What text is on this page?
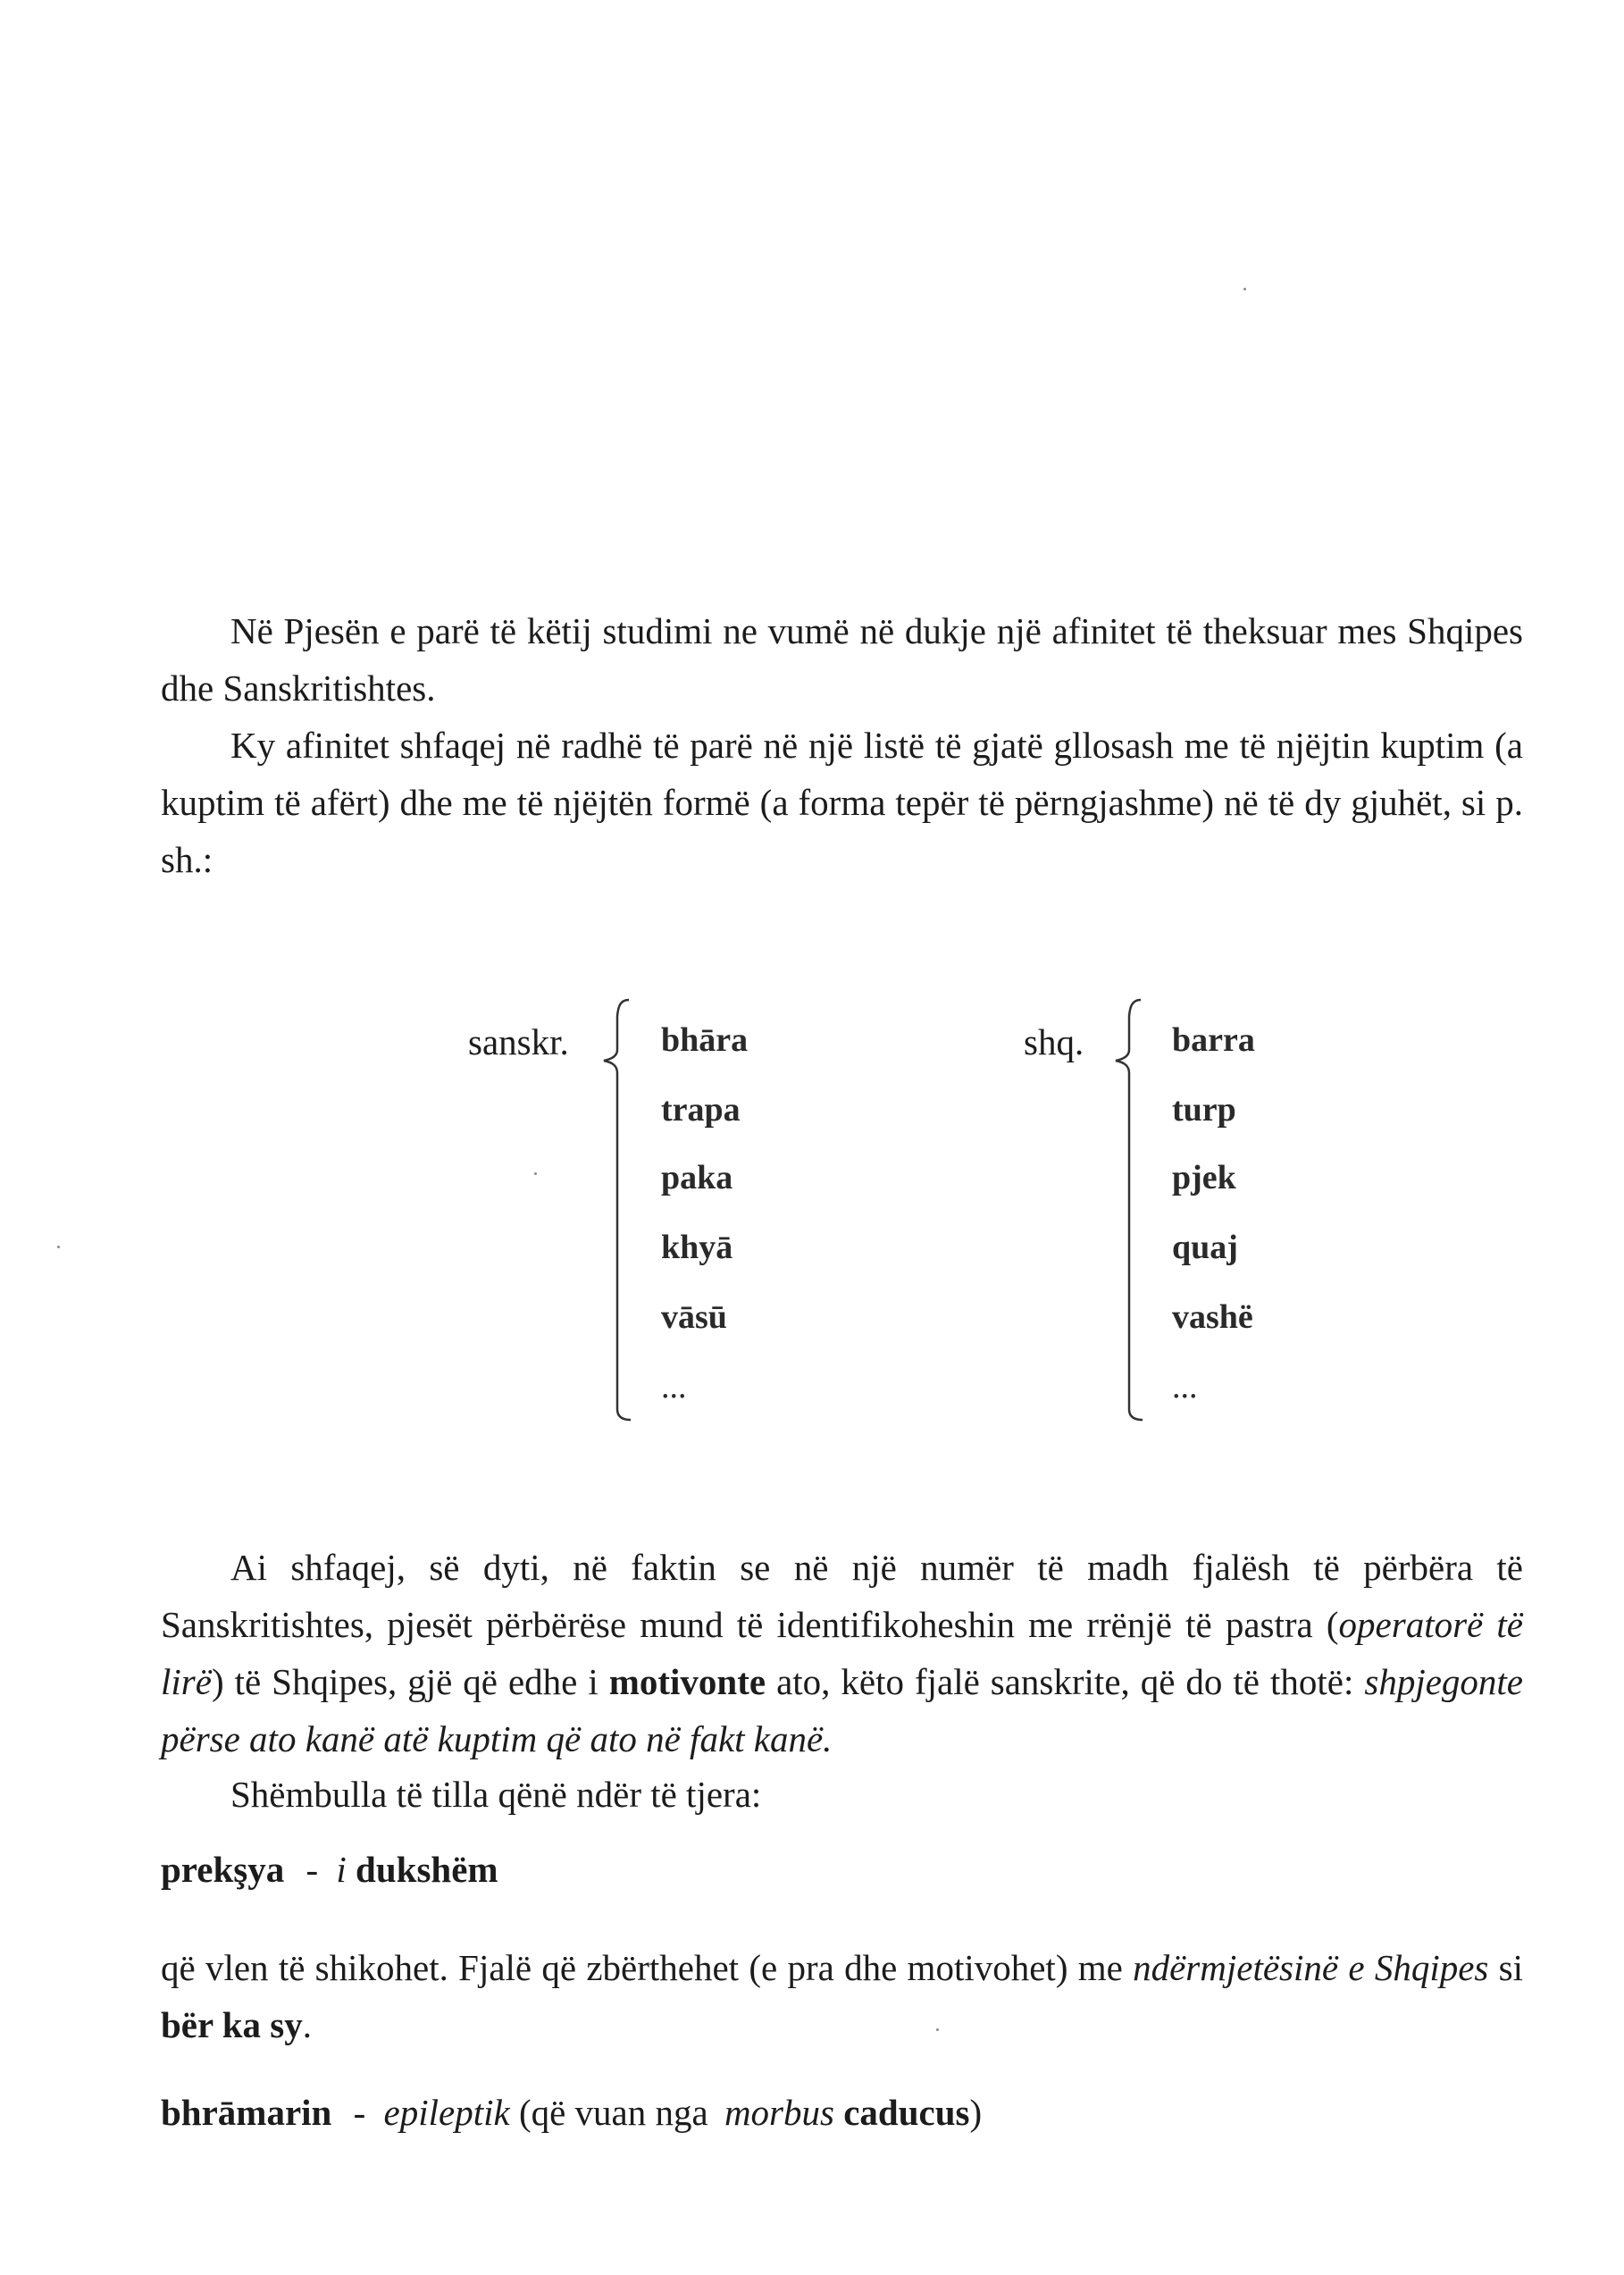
Në Pjesën e parë të këtij studimi ne vumë në dukje një afinitet të theksuar mes Shqipes dhe Sanskritishtes.

Ky afinitet shfaqej në radhë të parë në një listë të gjatë gllosash me të njëjtin kuptim (a kuptim të afërt) dhe me të njëjtën formë (a forma tepër të përngjashme) në të dy gjuhët, si p. sh.:

sanskr.	bhāra
trapa
paka
khyā
vāsū
...
shq.	barra
turp
pjek
quaj
vashë
...

Ai shfaqej, së dyti, në faktin se në një numër të madh fjalësh të përbëra të Sanskritishtes, pjesët përbërëse mund të identifikoheshin me rrënjë të pastra (operatorë të lirë) të Shqipes, gjë që edhe i motivonte ato, këto fjalë sanskrite, që do të thotë: shpjegonte përse ato kanë atë kuptim që ato në fakt kanë.

Shëmbulla të tilla qënë ndër të tjera:

prekşya - i dukshëm

që vlen të shikohet. Fjalë që zbërthehet (e pra dhe motivohet) me ndërmjetësinë e Shqipes si bër ka sy.

bhrāmarin - epileptik (që vuan nga morbus caducus)
